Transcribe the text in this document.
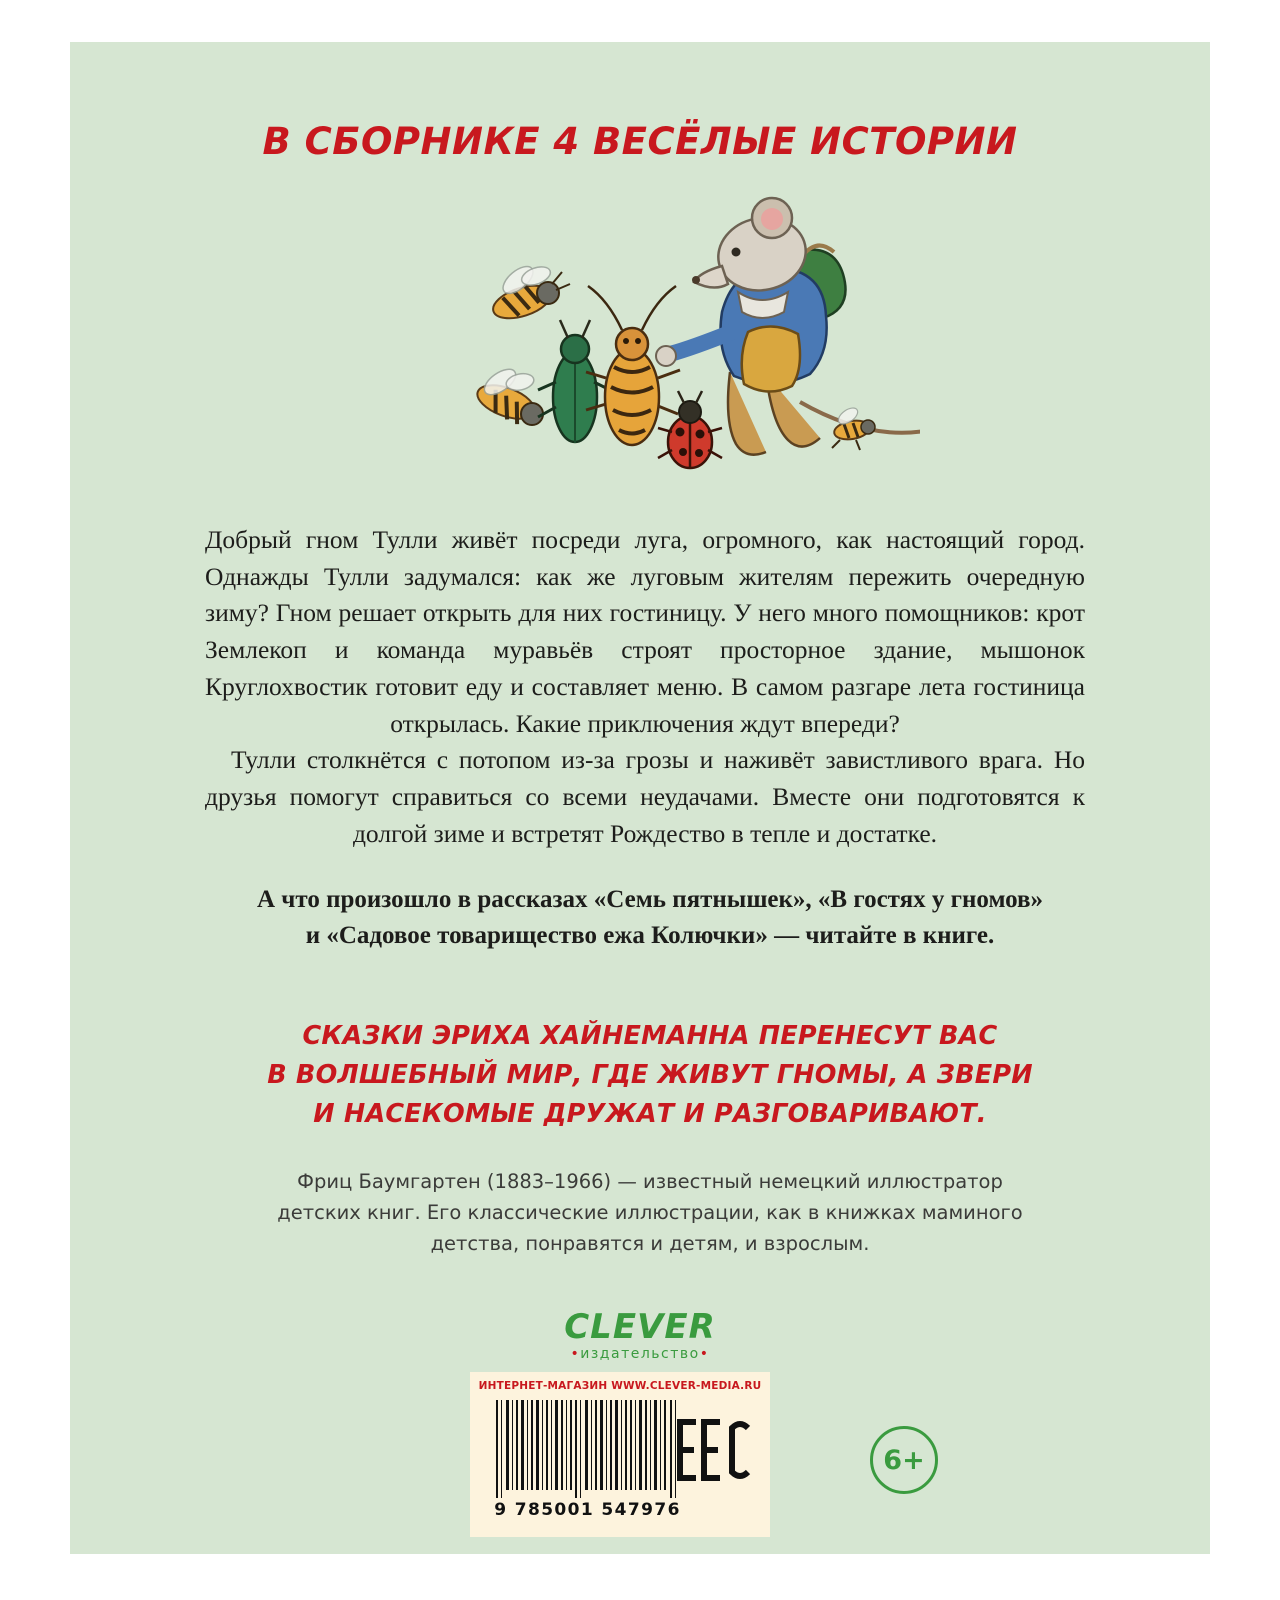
В СБОРНИКЕ 4 ВЕСЁЛЫЕ ИСТОРИИ

Добрый гном Тулли живёт посреди луга, огромного, как настоящий город. Однажды Тулли задумался: как же луговым жителям пережить очередную зиму? Гном решает открыть для них гостиницу. У него много помощников: крот Землекоп и команда муравьёв строят просторное здание, мышонок Круглохвостик готовит еду и составляет меню. В самом разгаре лета гостиница открылась. Какие приключения ждут впереди?

Тулли столкнётся с потопом из-за грозы и наживёт завистливого врага. Но друзья помогут справиться со всеми неудачами. Вместе они подготовятся к долгой зиме и встретят Рождество в тепле и достатке.

А что произошло в рассказах «Семь пятнышек», «В гостях у гномов»
и «Садовое товарищество ежа Колючки» — читайте в книге.
СКАЗКИ ЭРИХА ХАЙНЕМАННА ПЕРЕНЕСУТ ВАС
В ВОЛШЕБНЫЙ МИР, ГДЕ ЖИВУТ ГНОМЫ, А ЗВЕРИ
И НАСЕКОМЫЕ ДРУЖАТ И РАЗГОВАРИВАЮТ.
Фриц Баумгартен (1883–1966) — известный немецкий иллюстратор
детских книг. Его классические иллюстрации, как в книжках маминого
детства, понравятся и детям, и взрослым.
CLEVER
•издательство•
ИНТЕРНЕТ-МАГАЗИН WWW.CLEVER-MEDIA.RU
9 785001 547976
6+
